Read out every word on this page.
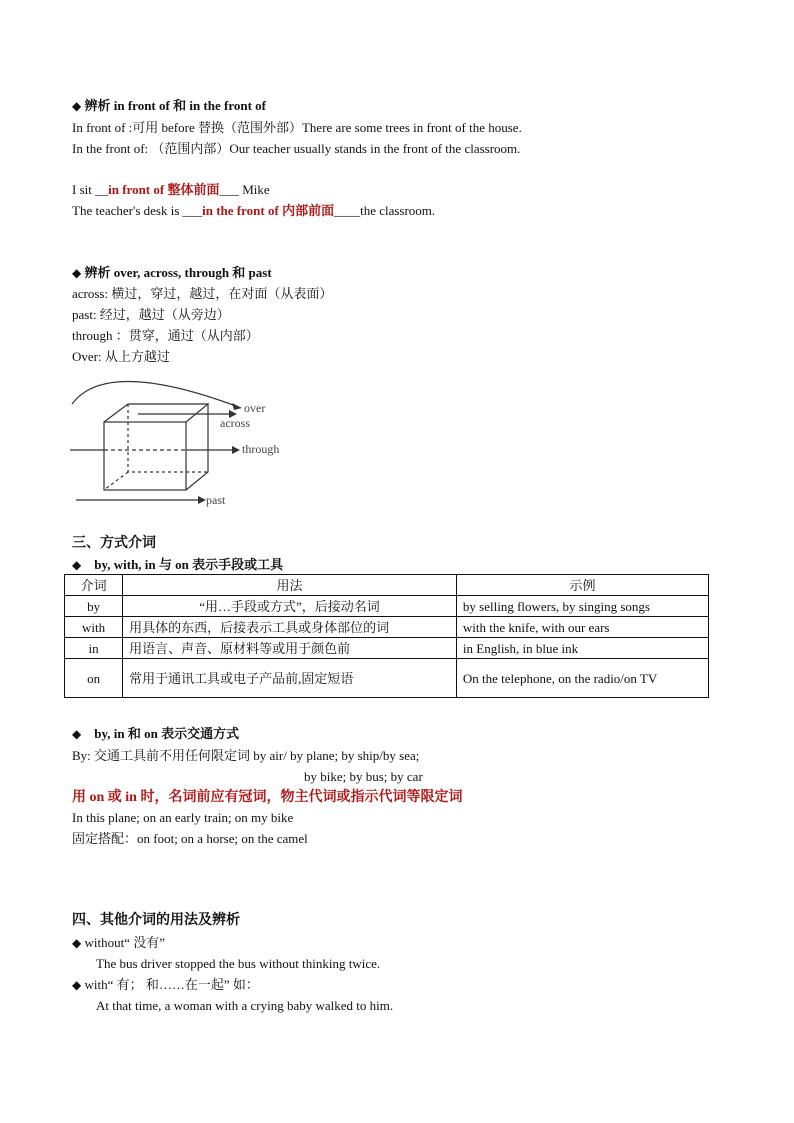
◆ 辨析 in front of 和 in the front of
In front of :可用 before 替换（范围外部）There are some trees in front of the house.
In the front of: （范围内部）Our teacher usually stands in the front of the classroom.
I sit __in front of 整体前面___ Mike
The teacher's desk is ___in the front of 内部前面____the classroom.
◆ 辨析 over, across, through 和 past
across: 横过，穿过，越过，在对面（从表面）
past: 经过，越过（从旁边）
through ：贯穿，通过（从内部）
Over: 从上方越过
over
across
through
past
三、方式介词
◆ by, with, in 与 on 表示手段或工具
介词	用法	示例
by	“用…手段或方式”，后接动名词	by selling flowers, by singing songs
with	用具体的东西，后接表示工具或身体部位的词	with the knife, with our ears
in	用语言、声音、原材料等或用于颜色前	in English, in blue ink
on	常用于通讯工具或电子产品前,固定短语	On the telephone, on the radio/on TV
◆ by, in 和 on 表示交通方式
By: 交通工具前不用任何限定词 by air/ by plane; by ship/by sea;
by bike; by bus; by car
用 on 或 in 时，名词前应有冠词，物主代词或指示代词等限定词
In this plane; on an early train; on my bike
固定搭配：on foot; on a horse; on the camel
四、其他介词的用法及辨析
◆ without“ 没有”
The bus driver stopped the bus without thinking twice.
◆ with“ 有； 和……在一起” 如：
At that time, a woman with a crying baby walked to him.
